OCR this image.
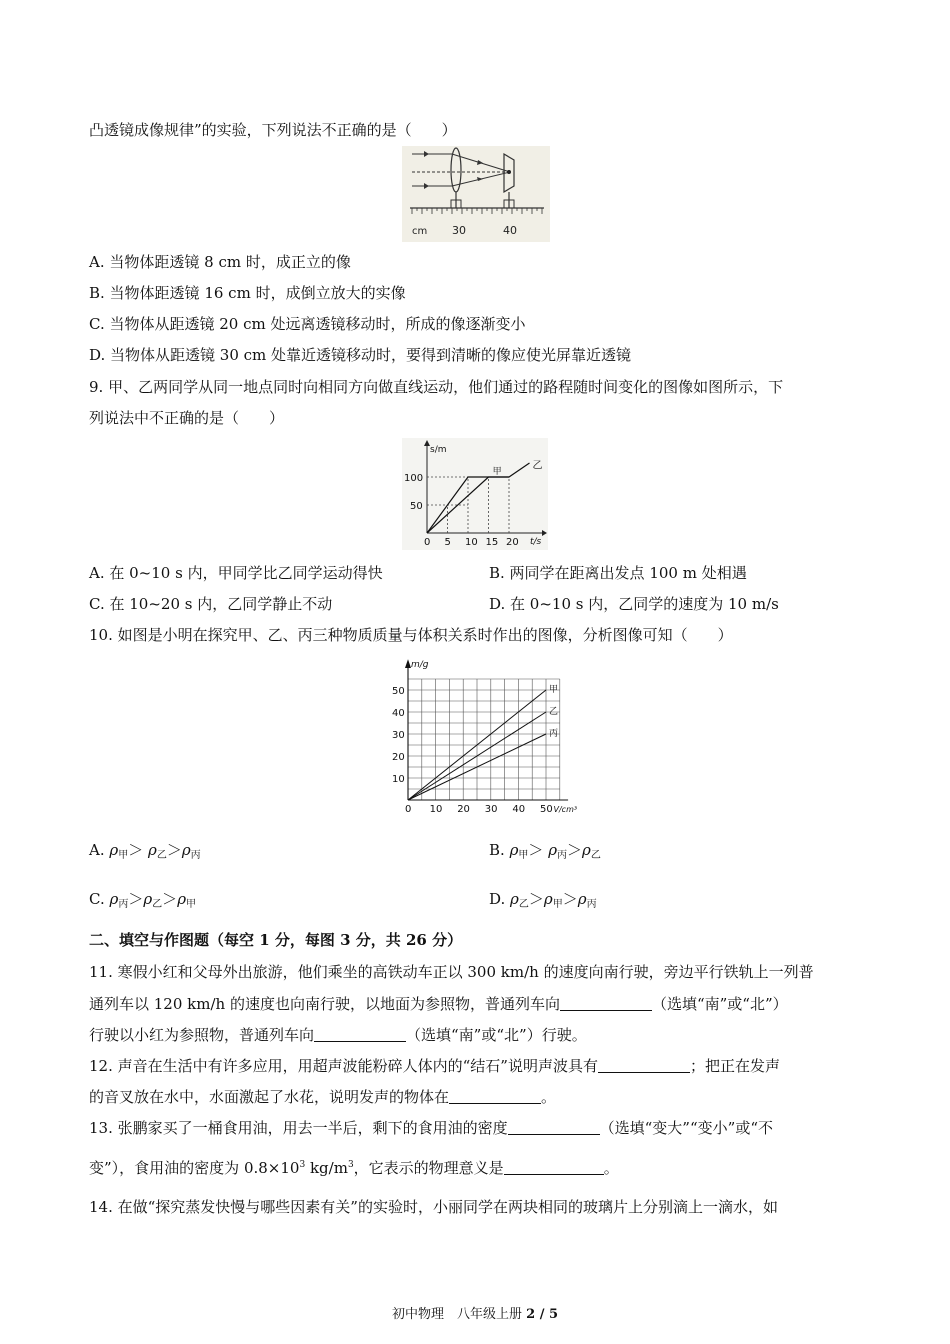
凸透镜成像规律”的实验，下列说法不正确的是（　　）
cm 30	40
A. 当物体距透镜 8 cm 时，成正立的像
B. 当物体距透镜 16 cm 时，成倒立放大的实像
C. 当物体从距透镜 20 cm 处远离透镜移动时，所成的像逐渐变小
D. 当物体从距透镜 30 cm 处靠近透镜移动时，要得到清晰的像应使光屏靠近透镜
9. 甲、乙两同学从同一地点同时向相同方向做直线运动，他们通过的路程随时间变化的图像如图所示，下
列说法中不正确的是（　　）
甲
乙
0 5 10 15 20
50
100
s/m
t/s
A. 在 0~10 s 内，甲同学比乙同学运动得快	B. 两同学在距离出发点 100 m 处相遇
C. 在 10~20 s 内，乙同学静止不动	D. 在 0~10 s 内，乙同学的速度为 10 m/s
10. 如图是小明在探究甲、乙、丙三种物质质量与体积关系时作出的图像，分析图像可知（　　）
甲
乙
丙
0 10 20 30 40 50
10
20
30
40
50
m/g
V/cm³
A. $\rho_甲> \rho_乙>\rho_丙$	B. $\rho_甲> \rho_丙>\rho_乙$
C. $\rho_丙>\rho_乙>\rho_甲$	D. $\rho_乙>\rho_甲>\rho_丙$
二、填空与作图题（每空 1 分，每图 3 分，共 26 分）
11. 寒假小红和父母外出旅游，他们乘坐的高铁动车正以 300 km/h 的速度向南行驶，旁边平行铁轨上一列普
通列车以 120 km/h 的速度也向南行驶，以地面为参照物，普通列车向	（选填“南”或“北”）
行驶以小红为参照物，普通列车向	（选填“南”或“北”）行驶。
12. 声音在生活中有许多应用，用超声波能粉碎人体内的“结石”说明声波具有	；把正在发声
的音叉放在水中，水面激起了水花，说明发声的物体在	。
13. 张鹏家买了一桶食用油，用去一半后，剩下的食用油的密度	（选填“变大”“变小”或“不
变”），食用油的密度为 $0.8\times 10^3$ $kg/m^3$，它表示的物理意义是	。
14. 在做“探究蒸发快慢与哪些因素有关”的实验时，小丽同学在两块相同的玻璃片上分别滴上一滴水，如
初中物理　八年级上册 2 / 5
